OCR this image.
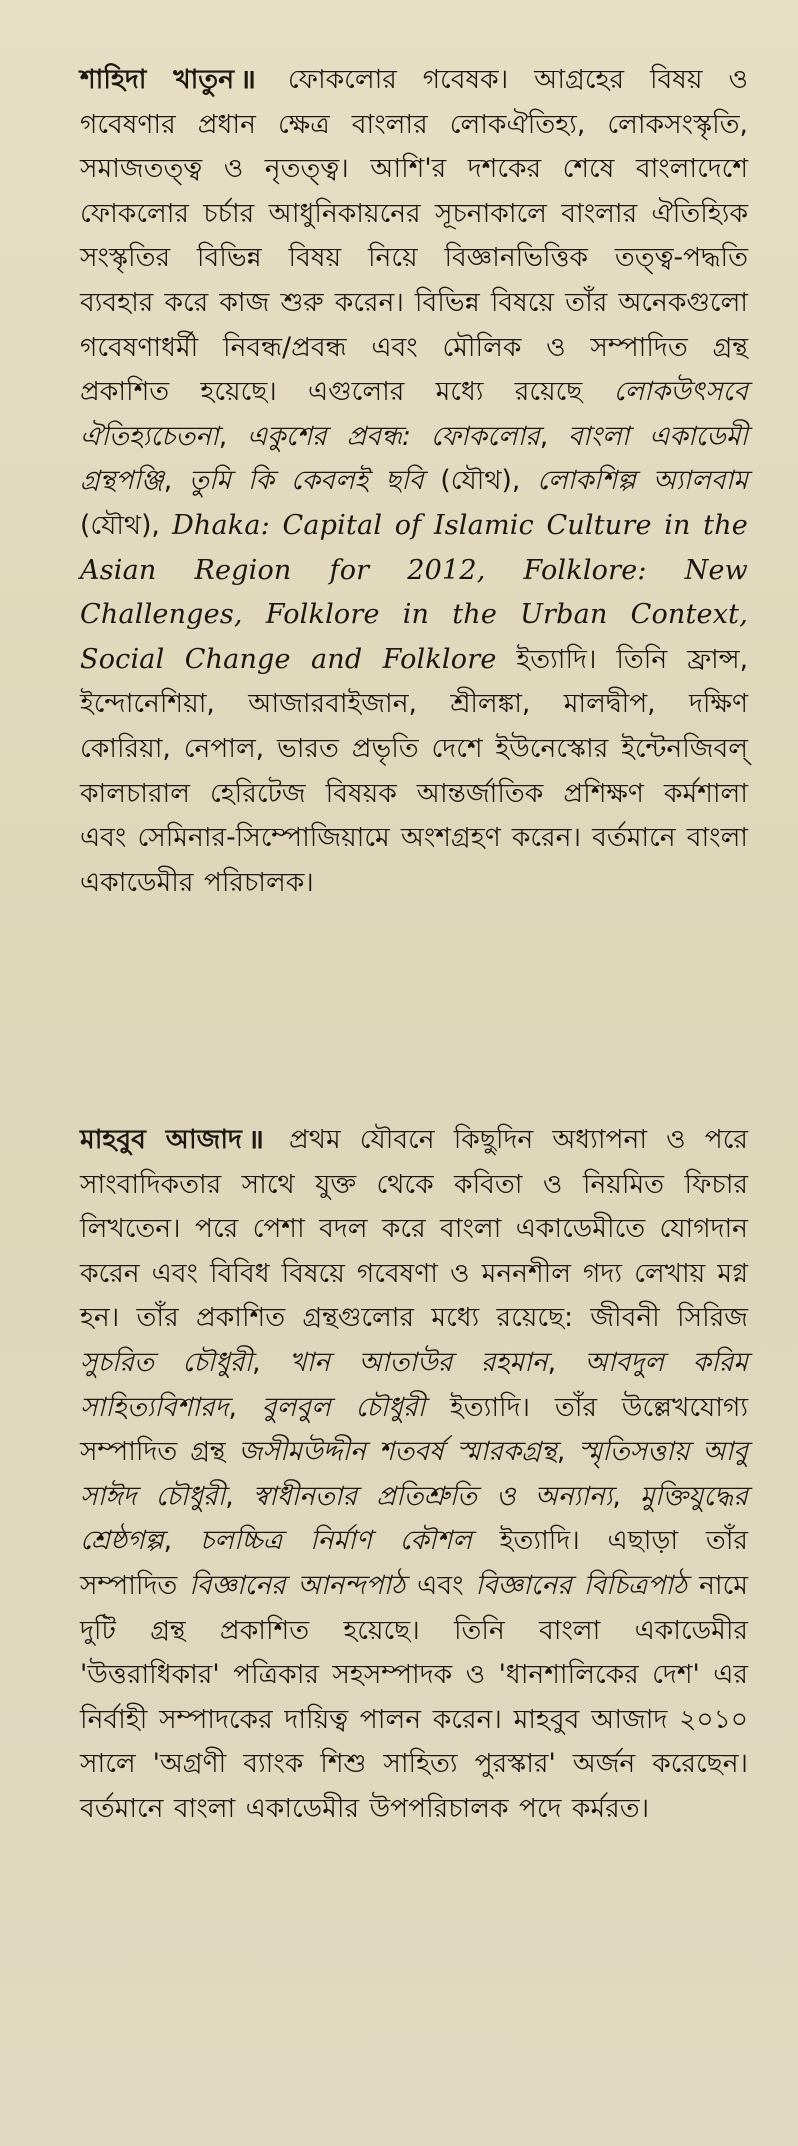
শাহিদা খাতুন ॥ ফোকলোর গবেষক। আগ্রহের বিষয় ও গবেষণার প্রধান ক্ষেত্র বাংলার লোকঐতিহ্য, লোকসংস্কৃতি, সমাজতত্ত্ব ও নৃতত্ত্ব। আশি'র দশকের শেষে বাংলাদেশে ফোকলোর চর্চার আধুনিকায়নের সূচনাকালে বাংলার ঐতিহ্যিক সংস্কৃতির বিভিন্ন বিষয় নিয়ে বিজ্ঞানভিত্তিক তত্ত্ব-পদ্ধতি ব্যবহার করে কাজ শুরু করেন। বিভিন্ন বিষয়ে তাঁর অনেকগুলো গবেষণাধর্মী নিবন্ধ/প্রবন্ধ এবং মৌলিক ও সম্পাদিত গ্রন্থ প্রকাশিত হয়েছে। এগুলোর মধ্যে রয়েছে লোকউৎসবে ঐতিহ্যচেতনা, একুশের প্রবন্ধ: ফোকলোর, বাংলা একাডেমী গ্রন্থপঞ্জি, তুমি কি কেবলই ছবি (যৌথ), লোকশিল্প অ্যালবাম (যৌথ), Dhaka: Capital of Islamic Culture in the Asian Region for 2012, Folklore: New Challenges, Folklore in the Urban Context, Social Change and Folklore ইত্যাদি। তিনি ফ্রান্স, ইন্দোনেশিয়া, আজারবাইজান, শ্রীলঙ্কা, মালদ্বীপ, দক্ষিণ কোরিয়া, নেপাল, ভারত প্রভৃতি দেশে ইউনেস্কোর ইন্টেনজিবল্ কালচারাল হেরিটেজ বিষয়ক আন্তর্জাতিক প্রশিক্ষণ কর্মশালা এবং সেমিনার-সিম্পোজিয়ামে অংশগ্রহণ করেন। বর্তমানে বাংলা একাডেমীর পরিচালক।

মাহবুব আজাদ ॥ প্রথম যৌবনে কিছুদিন অধ্যাপনা ও পরে সাংবাদিকতার সাথে যুক্ত থেকে কবিতা ও নিয়মিত ফিচার লিখতেন। পরে পেশা বদল করে বাংলা একাডেমীতে যোগদান করেন এবং বিবিধ বিষয়ে গবেষণা ও মননশীল গদ্য লেখায় মগ্ন হন। তাঁর প্রকাশিত গ্রন্থগুলোর মধ্যে রয়েছে: জীবনী সিরিজ সুচরিত চৌধুরী, খান আতাউর রহমান, আবদুল করিম সাহিত্যবিশারদ, বুলবুল চৌধুরী ইত্যাদি। তাঁর উল্লেখযোগ্য সম্পাদিত গ্রন্থ জসীমউদ্দীন শতবর্ষ স্মারকগ্রন্থ, স্মৃতিসত্তায় আবু সাঈদ চৌধুরী, স্বাধীনতার প্রতিশ্রুতি ও অন্যান্য, মুক্তিযুদ্ধের শ্রেষ্ঠগল্প, চলচ্চিত্র নির্মাণ কৌশল ইত্যাদি। এছাড়া তাঁর সম্পাদিত বিজ্ঞানের আনন্দপাঠ এবং বিজ্ঞানের বিচিত্রপাঠ নামে দুটি গ্রন্থ প্রকাশিত হয়েছে। তিনি বাংলা একাডেমীর 'উত্তরাধিকার' পত্রিকার সহসম্পাদক ও 'ধানশালিকের দেশ' এর নির্বাহী সম্পাদকের দায়িত্ব পালন করেন। মাহবুব আজাদ ২০১০ সালে 'অগ্রণী ব্যাংক শিশু সাহিত্য পুরস্কার' অর্জন করেছেন। বর্তমানে বাংলা একাডেমীর উপপরিচালক পদে কর্মরত।
